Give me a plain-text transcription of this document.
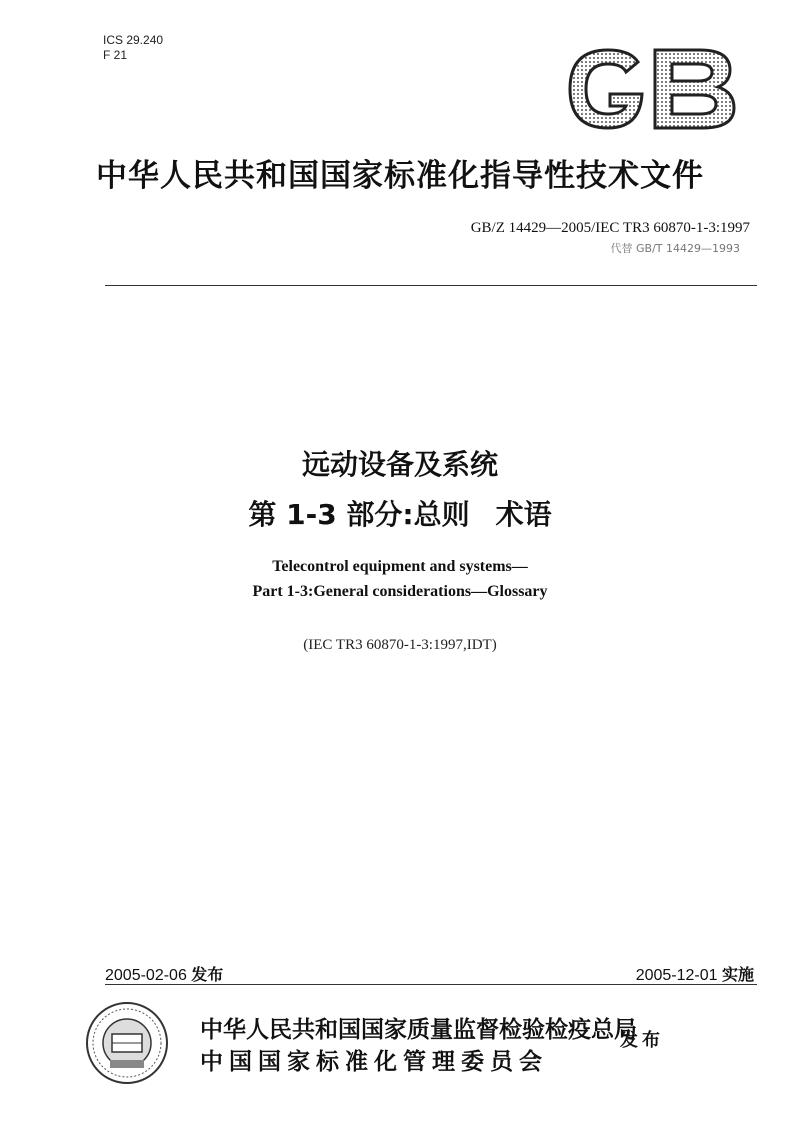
ICS 29.240
F 21
中华人民共和国国家标准化指导性技术文件
GB/Z 14429—2005/IEC TR3 60870-1-3:1997
代替 GB/T 14429—1993
远动设备及系统
第 1-3 部分:总则 术语
Telecontrol equipment and systems—
Part 1-3:General considerations—Glossary
(IEC TR3 60870-1-3:1997,IDT)
2005-02-06 发布	2005-12-01 实施
中华人民共和国国家质量监督检验检疫总局
中国国家标准化管理委员会
发布
